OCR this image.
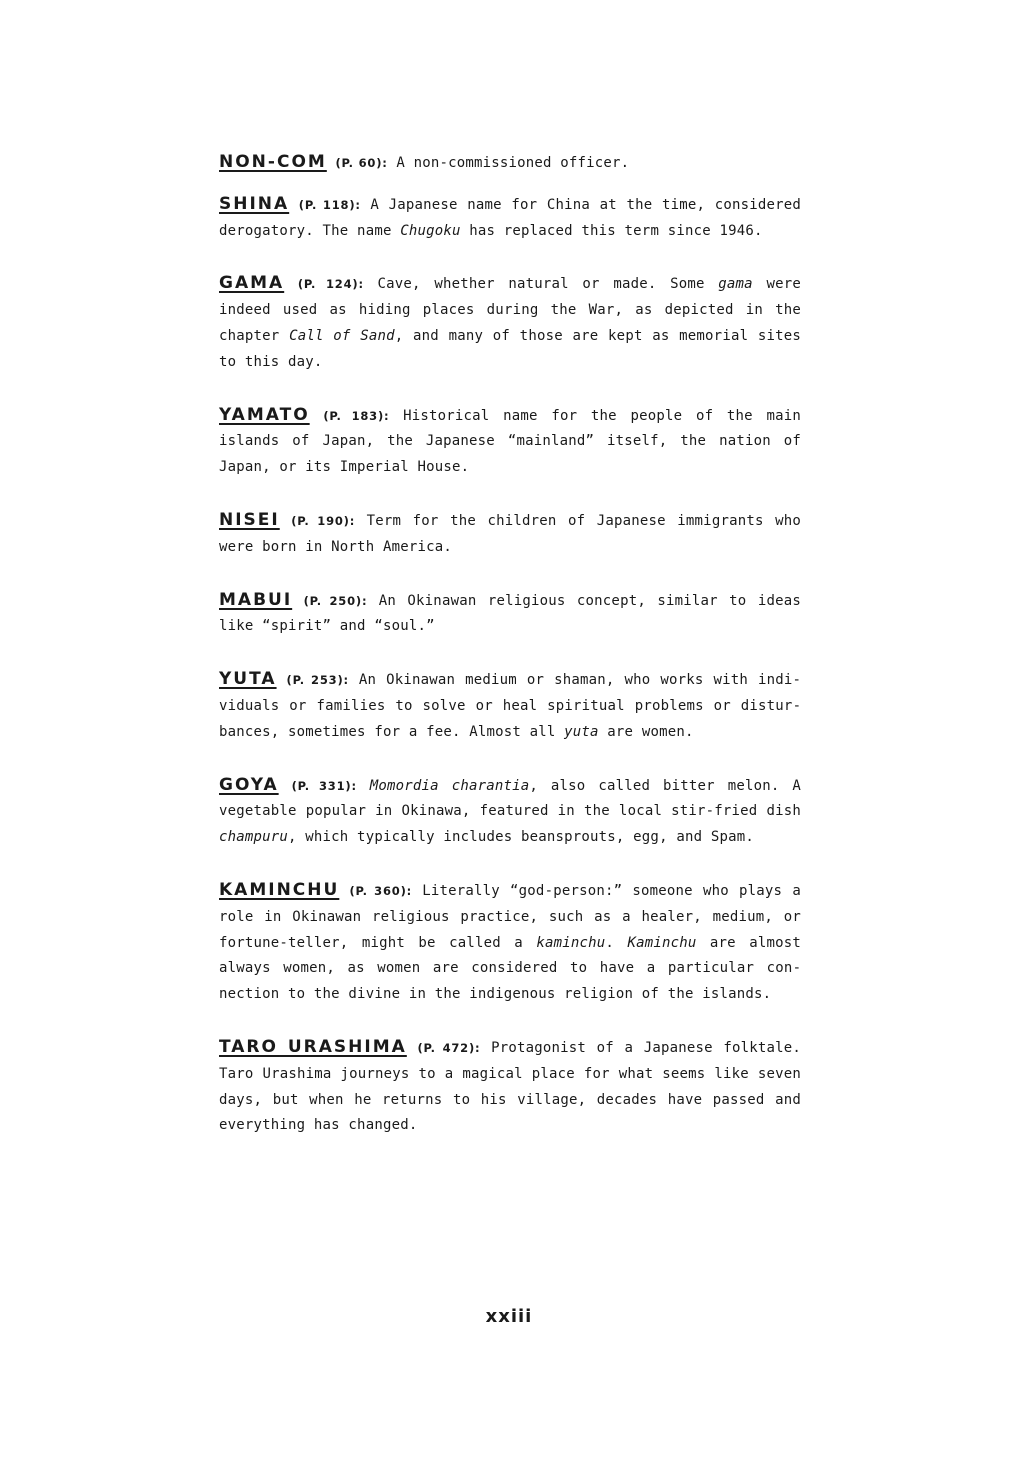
NON-COM (P. 60): A non-commissioned officer.

SHINA (P. 118): A Japanese name for China at the time, considered derogatory. The name Chugoku has replaced this term since 1946.

GAMA (P. 124): Cave, whether natural or made. Some gama were indeed used as hiding places during the War, as depicted in the chapter Call of Sand, and many of those are kept as memorial sites to this day.

YAMATO (P. 183): Historical name for the people of the main islands of Japan, the Japanese “mainland” itself, the nation of Japan, or its Imperial House.

NISEI (P. 190): Term for the children of Japanese immigrants who were born in North America.

MABUI (P. 250): An Okinawan religious concept, similar to ideas like “spirit” and “soul.”

YUTA (P. 253): An Okinawan medium or shaman, who works with individuals or families to solve or heal spiritual problems or disturbances, sometimes for a fee. Almost all yuta are women.

GOYA (P. 331): Momordia charantia, also called bitter melon. A vegetable popular in Okinawa, featured in the local stir-fried dish champuru, which typically includes beansprouts, egg, and Spam.

KAMINCHU (P. 360): Literally “god-person:” someone who plays a role in Okinawan religious practice, such as a healer, medium, or fortune-teller, might be called a kaminchu. Kaminchu are almost always women, as women are considered to have a particular connection to the divine in the indigenous religion of the islands.

TARO URASHIMA (P. 472): Protagonist of a Japanese folktale. Taro Urashima journeys to a magical place for what seems like seven days, but when he returns to his village, decades have passed and everything has changed.

xxiii
